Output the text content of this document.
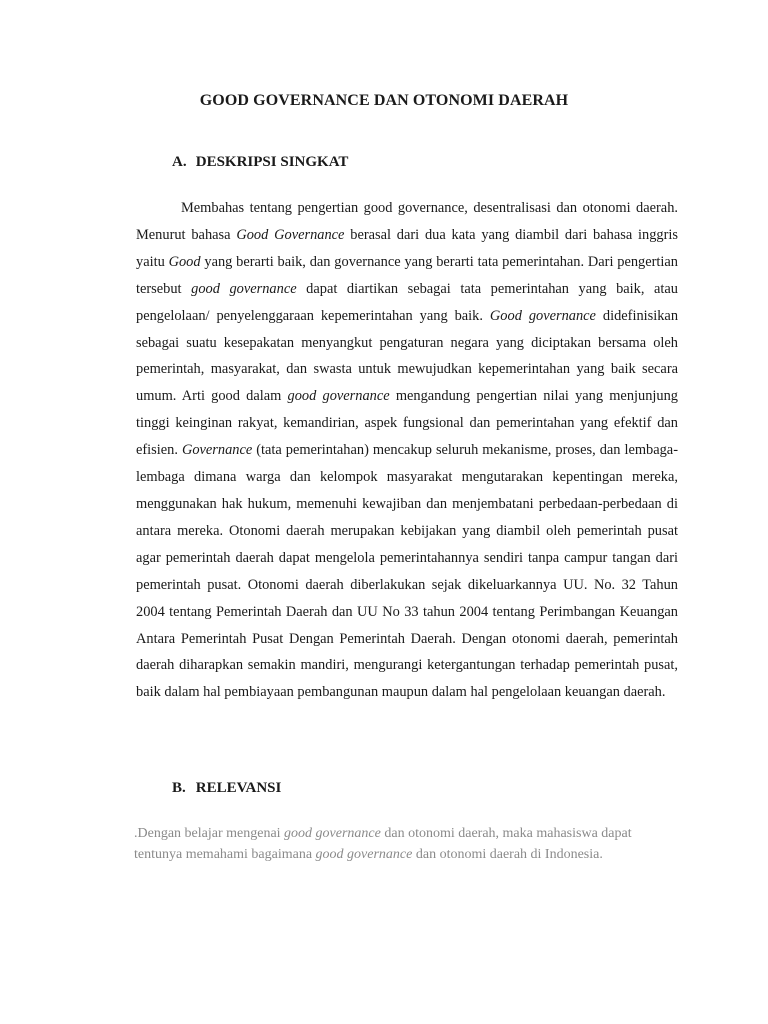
GOOD GOVERNANCE DAN OTONOMI DAERAH
A. DESKRIPSI SINGKAT

Membahas tentang pengertian good governance, desentralisasi dan otonomi daerah. Menurut bahasa Good Governance berasal dari dua kata yang diambil dari bahasa inggris yaitu Good yang berarti baik, dan governance yang berarti tata pemerintahan. Dari pengertian tersebut good governance dapat diartikan sebagai tata pemerintahan yang baik, atau pengelolaan/ penyelenggaraan kepemerintahan yang baik. Good governance didefinisikan sebagai suatu kesepakatan menyangkut pengaturan negara yang diciptakan bersama oleh pemerintah, masyarakat, dan swasta untuk mewujudkan kepemerintahan yang baik secara umum. Arti good dalam good governance mengandung pengertian nilai yang menjunjung tinggi keinginan rakyat, kemandirian, aspek fungsional dan pemerintahan yang efektif dan efisien. Governance (tata pemerintahan) mencakup seluruh mekanisme, proses, dan lembaga-lembaga dimana warga dan kelompok masyarakat mengutarakan kepentingan mereka, menggunakan hak hukum, memenuhi kewajiban dan menjembatani perbedaan-perbedaan di antara mereka. Otonomi daerah merupakan kebijakan yang diambil oleh pemerintah pusat agar pemerintah daerah dapat mengelola pemerintahannya sendiri tanpa campur tangan dari pemerintah pusat. Otonomi daerah diberlakukan sejak dikeluarkannya UU. No. 32 Tahun 2004 tentang Pemerintah Daerah dan UU No 33 tahun 2004 tentang Perimbangan Keuangan Antara Pemerintah Pusat Dengan Pemerintah Daerah. Dengan otonomi daerah, pemerintah daerah diharapkan semakin mandiri, mengurangi ketergantungan terhadap pemerintah pusat, baik dalam hal pembiayaan pembangunan maupun dalam hal pengelolaan keuangan daerah.

B. RELEVANSI

.Dengan belajar mengenai good governance dan otonomi daerah, maka mahasiswa dapat tentunya memahami bagaimana good governance dan otonomi daerah di Indonesia.
